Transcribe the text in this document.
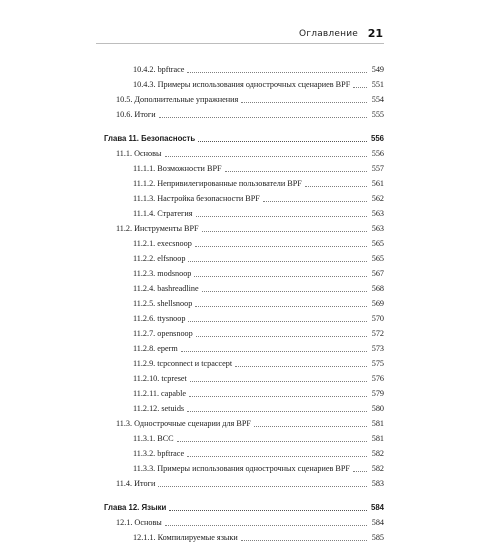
Оглавление 21
10.4.2. bpftrace	549
10.4.3. Примеры использования однострочных сценариев BPF	551
10.5. Дополнительные упражнения	554
10.6. Итоги	555
Глава 11. Безопасность	556
11.1. Основы	556
11.1.1. Возможности BPF	557
11.1.2. Непривилегированные пользователи BPF	561
11.1.3. Настройка безопасности BPF	562
11.1.4. Стратегия	563
11.2. Инструменты BPF	563
11.2.1. execsnoop	565
11.2.2. elfsnoop	565
11.2.3. modsnoop	567
11.2.4. bashreadline	568
11.2.5. shellsnoop	569
11.2.6. ttysnoop	570
11.2.7. opensnoop	572
11.2.8. eperm	573
11.2.9. tcpconnect и tcpaccept	575
11.2.10. tcpreset	576
11.2.11. capable	579
11.2.12. setuids	580
11.3. Однострочные сценарии для BPF	581
11.3.1. BCC	581
11.3.2. bpftrace	582
11.3.3. Примеры использования однострочных сценариев BPF	582
11.4. Итоги	583
Глава 12. Языки	584
12.1. Основы	584
12.1.1. Компилируемые языки	585
